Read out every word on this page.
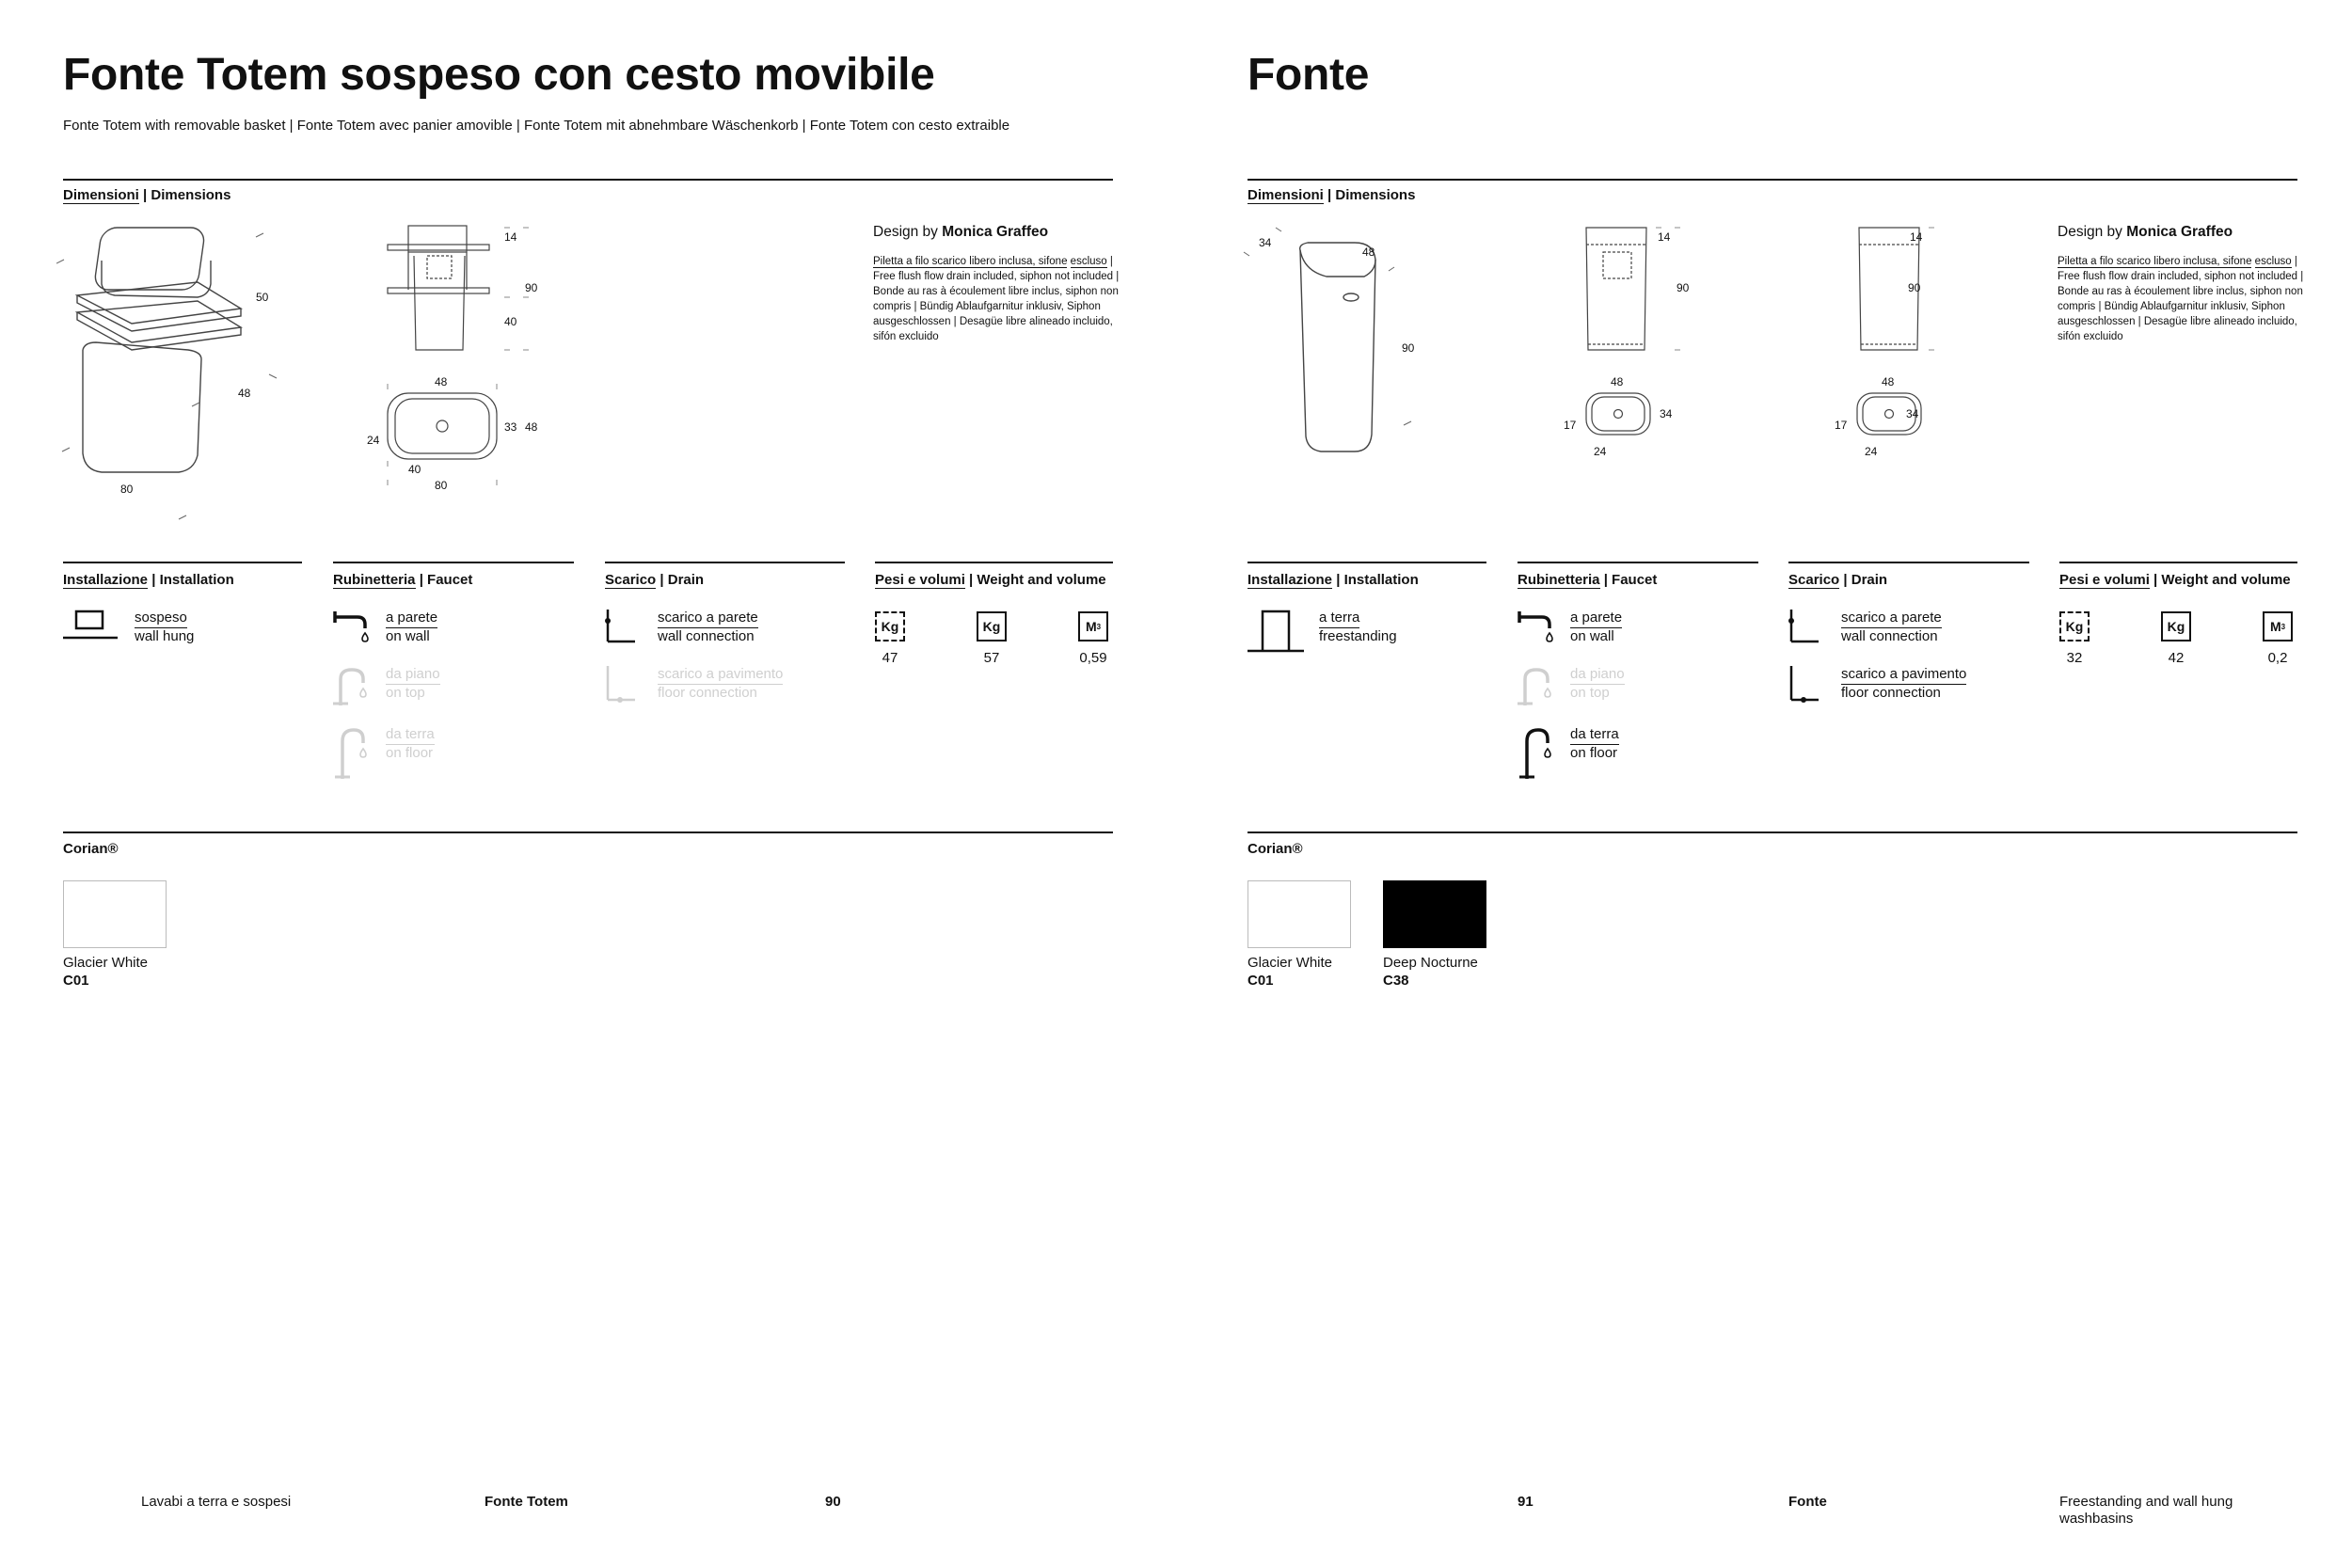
Fonte Totem sospeso con cesto movibile

Fonte Totem with removable basket | Fonte Totem avec panier amovible | Fonte Totem mit abnehmbare Wäschenkorb | Fonte Totem con cesto extraible

Dimensioni | Dimensions
50
48
80
14
90
40
48
33 48
24
40
80

Design by Monica Graffeo

Piletta a filo scarico libero inclusa, sifone escluso | Free flush flow drain included, siphon not included | Bonde au ras à écoulement libre inclus, siphon non compris | Bündig Ablaufgarnitur inklusiv, Siphon ausgeschlossen | Desagüe libre alineado incluido, sifón excluido

Installazione | Installation	Rubinetteria | Faucet	Scarico | Drain	Pesi e volumi | Weight and volume
sospeso
wall hung
a parete
on wall
da piano
on top
da terra
on floor
scarico a parete
wall connection
scarico a pavimento
floor connection
Kg
47
Kg
57
M 3
0,59
Corian®
Glacier White
C01
Lavabi a terra e sospesi	Fonte Totem	90
Fonte
Dimensioni | Dimensions
34
48
90
14
90
48
34
17
24
14
90
48
34
17
24

Design by Monica Graffeo

Piletta a filo scarico libero inclusa, sifone escluso | Free flush flow drain included, siphon not included | Bonde au ras à écoulement libre inclus, siphon non compris | Bündig Ablaufgarnitur inklusiv, Siphon ausgeschlossen | Desagüe libre alineado incluido, sifón excluido

Installazione | Installation	Rubinetteria | Faucet	Scarico | Drain	Pesi e volumi | Weight and volume
a terra
freestanding
a parete
on wall
da piano
on top
da terra
on floor
scarico a parete
wall connection
scarico a pavimento
floor connection
Kg
32
Kg
42
M 3
0,2
Corian®
Glacier White
C01
Deep Nocturne
C38
91	Fonte	Freestanding and wall hung washbasins
